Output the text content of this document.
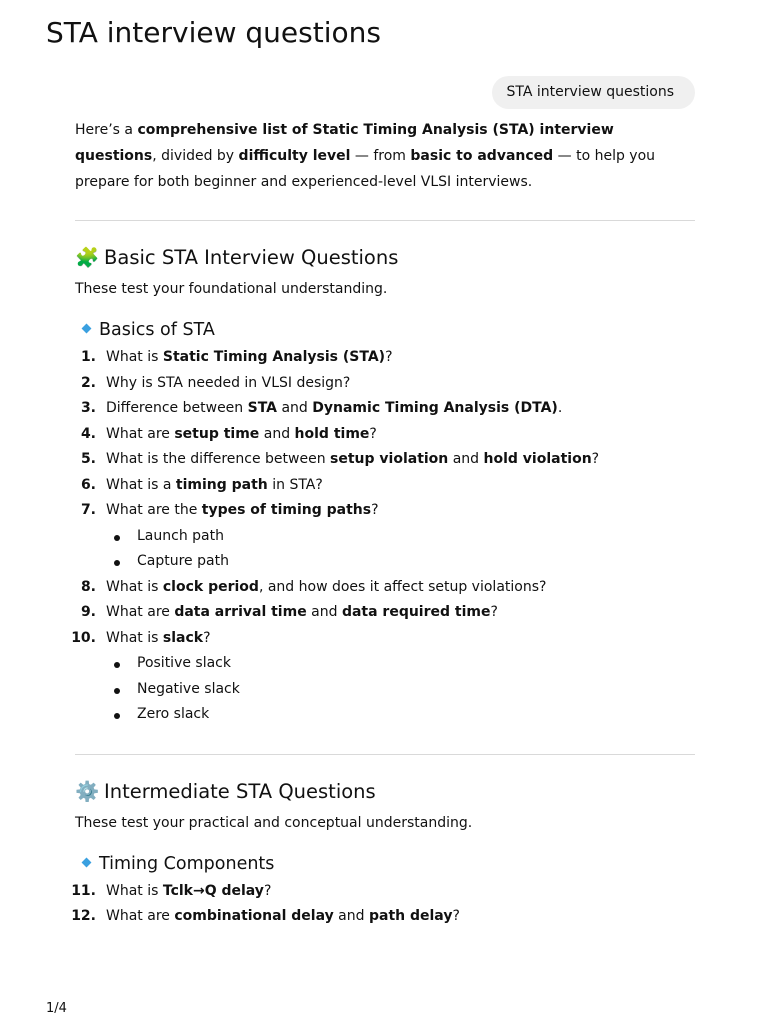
STA interview questions
STA interview questions

Here’s a comprehensive list of Static Timing Analysis (STA) interview questions, divided by difficulty level — from basic to advanced — to help you prepare for both beginner and experienced-level VLSI interviews.

🧩 Basic STA Interview Questions

These test your foundational understanding.

Basics of STA
1. What is Static Timing Analysis (STA)?
2. Why is STA needed in VLSI design?
3. Difference between STA and Dynamic Timing Analysis (DTA).
4. What are setup time and hold time?
5. What is the difference between setup violation and hold violation?
6. What is a timing path in STA?
7. What are the types of timing paths?
Launch path
Capture path
8. What is clock period, and how does it affect setup violations?
9. What are data arrival time and data required time?
10. What is slack?
Positive slack
Negative slack
Zero slack
⚙️ Intermediate STA Questions

These test your practical and conceptual understanding.

Timing Components
11. What is Tclk→Q delay?
12. What are combinational delay and path delay?
1/4
